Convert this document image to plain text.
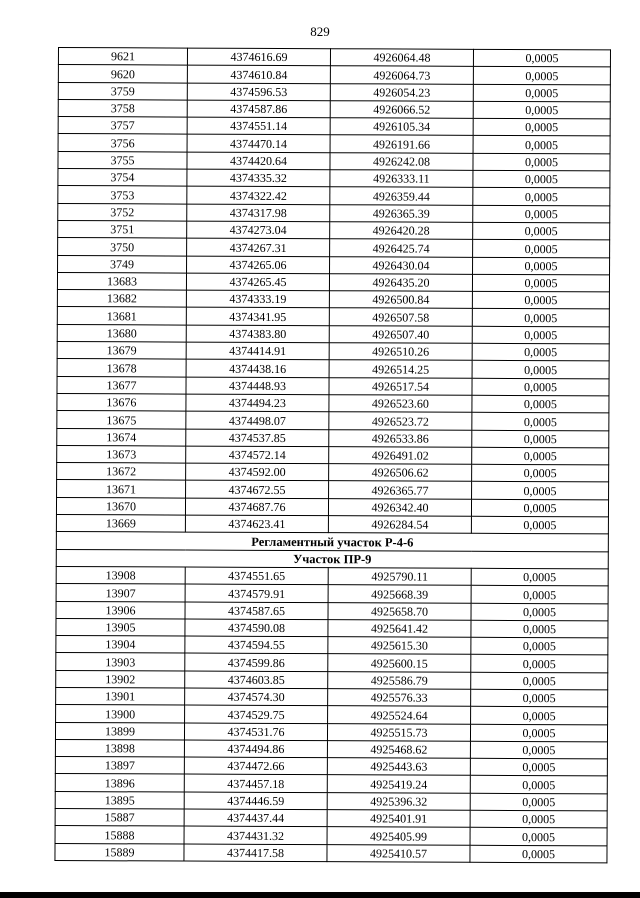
829
9621	4374616.69	4926064.48	0,0005
9620	4374610.84	4926064.73	0,0005
3759	4374596.53	4926054.23	0,0005
3758	4374587.86	4926066.52	0,0005
3757	4374551.14	4926105.34	0,0005
3756	4374470.14	4926191.66	0,0005
3755	4374420.64	4926242.08	0,0005
3754	4374335.32	4926333.11	0,0005
3753	4374322.42	4926359.44	0,0005
3752	4374317.98	4926365.39	0,0005
3751	4374273.04	4926420.28	0,0005
3750	4374267.31	4926425.74	0,0005
3749	4374265.06	4926430.04	0,0005
13683	4374265.45	4926435.20	0,0005
13682	4374333.19	4926500.84	0,0005
13681	4374341.95	4926507.58	0,0005
13680	4374383.80	4926507.40	0,0005
13679	4374414.91	4926510.26	0,0005
13678	4374438.16	4926514.25	0,0005
13677	4374448.93	4926517.54	0,0005
13676	4374494.23	4926523.60	0,0005
13675	4374498.07	4926523.72	0,0005
13674	4374537.85	4926533.86	0,0005
13673	4374572.14	4926491.02	0,0005
13672	4374592.00	4926506.62	0,0005
13671	4374672.55	4926365.77	0,0005
13670	4374687.76	4926342.40	0,0005
13669	4374623.41	4926284.54	0,0005
Регламентный участок Р-4-6			
Участок ПР-9			
13908	4374551.65	4925790.11	0,0005
13907	4374579.91	4925668.39	0,0005
13906	4374587.65	4925658.70	0,0005
13905	4374590.08	4925641.42	0,0005
13904	4374594.55	4925615.30	0,0005
13903	4374599.86	4925600.15	0,0005
13902	4374603.85	4925586.79	0,0005
13901	4374574.30	4925576.33	0,0005
13900	4374529.75	4925524.64	0,0005
13899	4374531.76	4925515.73	0,0005
13898	4374494.86	4925468.62	0,0005
13897	4374472.66	4925443.63	0,0005
13896	4374457.18	4925419.24	0,0005
13895	4374446.59	4925396.32	0,0005
15887	4374437.44	4925401.91	0,0005
15888	4374431.32	4925405.99	0,0005
15889	4374417.58	4925410.57	0,0005
